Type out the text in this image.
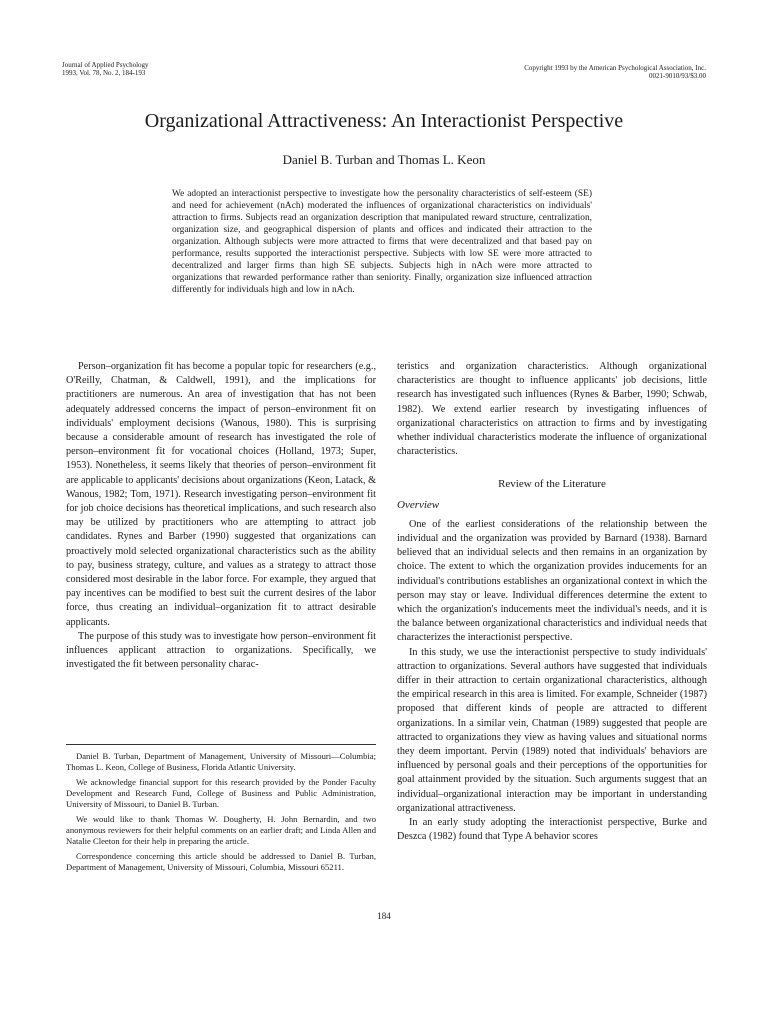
Journal of Applied Psychology
1993, Vol. 78, No. 2, 184-193
Copyright 1993 by the American Psychological Association, Inc.
0021-9010/93/$3.00
Organizational Attractiveness: An Interactionist Perspective
Daniel B. Turban and Thomas L. Keon
We adopted an interactionist perspective to investigate how the personality characteristics of self-esteem (SE) and need for achievement (nAch) moderated the influences of organizational characteristics on individuals' attraction to firms. Subjects read an organization description that manipulated reward structure, centralization, organization size, and geographical dispersion of plants and offices and indicated their attraction to the organization. Although subjects were more attracted to firms that were decentralized and that based pay on performance, results supported the interactionist perspective. Subjects with low SE were more attracted to decentralized and larger firms than high SE subjects. Subjects high in nAch were more attracted to organizations that rewarded performance rather than seniority. Finally, organization size influenced attraction differently for individuals high and low in nAch.

Person–organization fit has become a popular topic for researchers (e.g., O'Reilly, Chatman, & Caldwell, 1991), and the implications for practitioners are numerous. An area of investigation that has not been adequately addressed concerns the impact of person–environment fit on individuals' employment decisions (Wanous, 1980). This is surprising because a considerable amount of research has investigated the role of person–environment fit for vocational choices (Holland, 1973; Super, 1953). Nonetheless, it seems likely that theories of person–environment fit are applicable to applicants' decisions about organizations (Keon, Latack, & Wanous, 1982; Tom, 1971). Research investigating person–environment fit for job choice decisions has theoretical implications, and such research also may be utilized by practitioners who are attempting to attract job candidates. Rynes and Barber (1990) suggested that organizations can proactively mold selected organizational characteristics such as the ability to pay, business strategy, culture, and values as a strategy to attract those considered most desirable in the labor force. For example, they argued that pay incentives can be modified to best suit the current desires of the labor force, thus creating an individual–organization fit to attract desirable applicants.

The purpose of this study was to investigate how person–environment fit influences applicant attraction to organizations. Specifically, we investigated the fit between personality charac-

Daniel B. Turban, Department of Management, University of Missouri—Columbia; Thomas L. Keon, College of Business, Florida Atlantic University.

We acknowledge financial support for this research provided by the Ponder Faculty Development and Research Fund, College of Business and Public Administration, University of Missouri, to Daniel B. Turban.

We would like to thank Thomas W. Dougherty, H. John Bernardin, and two anonymous reviewers for their helpful comments on an earlier draft; and Linda Allen and Natalie Cleeton for their help in preparing the article.

Correspondence concerning this article should be addressed to Daniel B. Turban, Department of Management, University of Missouri, Columbia, Missouri 65211.

teristics and organization characteristics. Although organizational characteristics are thought to influence applicants' job decisions, little research has investigated such influences (Rynes & Barber, 1990; Schwab, 1982). We extend earlier research by investigating influences of organizational characteristics on attraction to firms and by investigating whether individual characteristics moderate the influence of organizational characteristics.

Review of the Literature
Overview

One of the earliest considerations of the relationship between the individual and the organization was provided by Barnard (1938). Barnard believed that an individual selects and then remains in an organization by choice. The extent to which the organization provides inducements for an individual's contributions establishes an organizational context in which the person may stay or leave. Individual differences determine the extent to which the organization's inducements meet the individual's needs, and it is the balance between organizational characteristics and individual needs that characterizes the interactionist perspective.

In this study, we use the interactionist perspective to study individuals' attraction to organizations. Several authors have suggested that individuals differ in their attraction to certain organizational characteristics, although the empirical research in this area is limited. For example, Schneider (1987) proposed that different kinds of people are attracted to different organizations. In a similar vein, Chatman (1989) suggested that people are attracted to organizations they view as having values and situational norms they deem important. Pervin (1989) noted that individuals' behaviors are influenced by personal goals and their perceptions of the opportunities for goal attainment provided by the situation. Such arguments suggest that an individual–organizational interaction may be important in understanding organizational attractiveness.

In an early study adopting the interactionist perspective, Burke and Deszca (1982) found that Type A behavior scores

184
